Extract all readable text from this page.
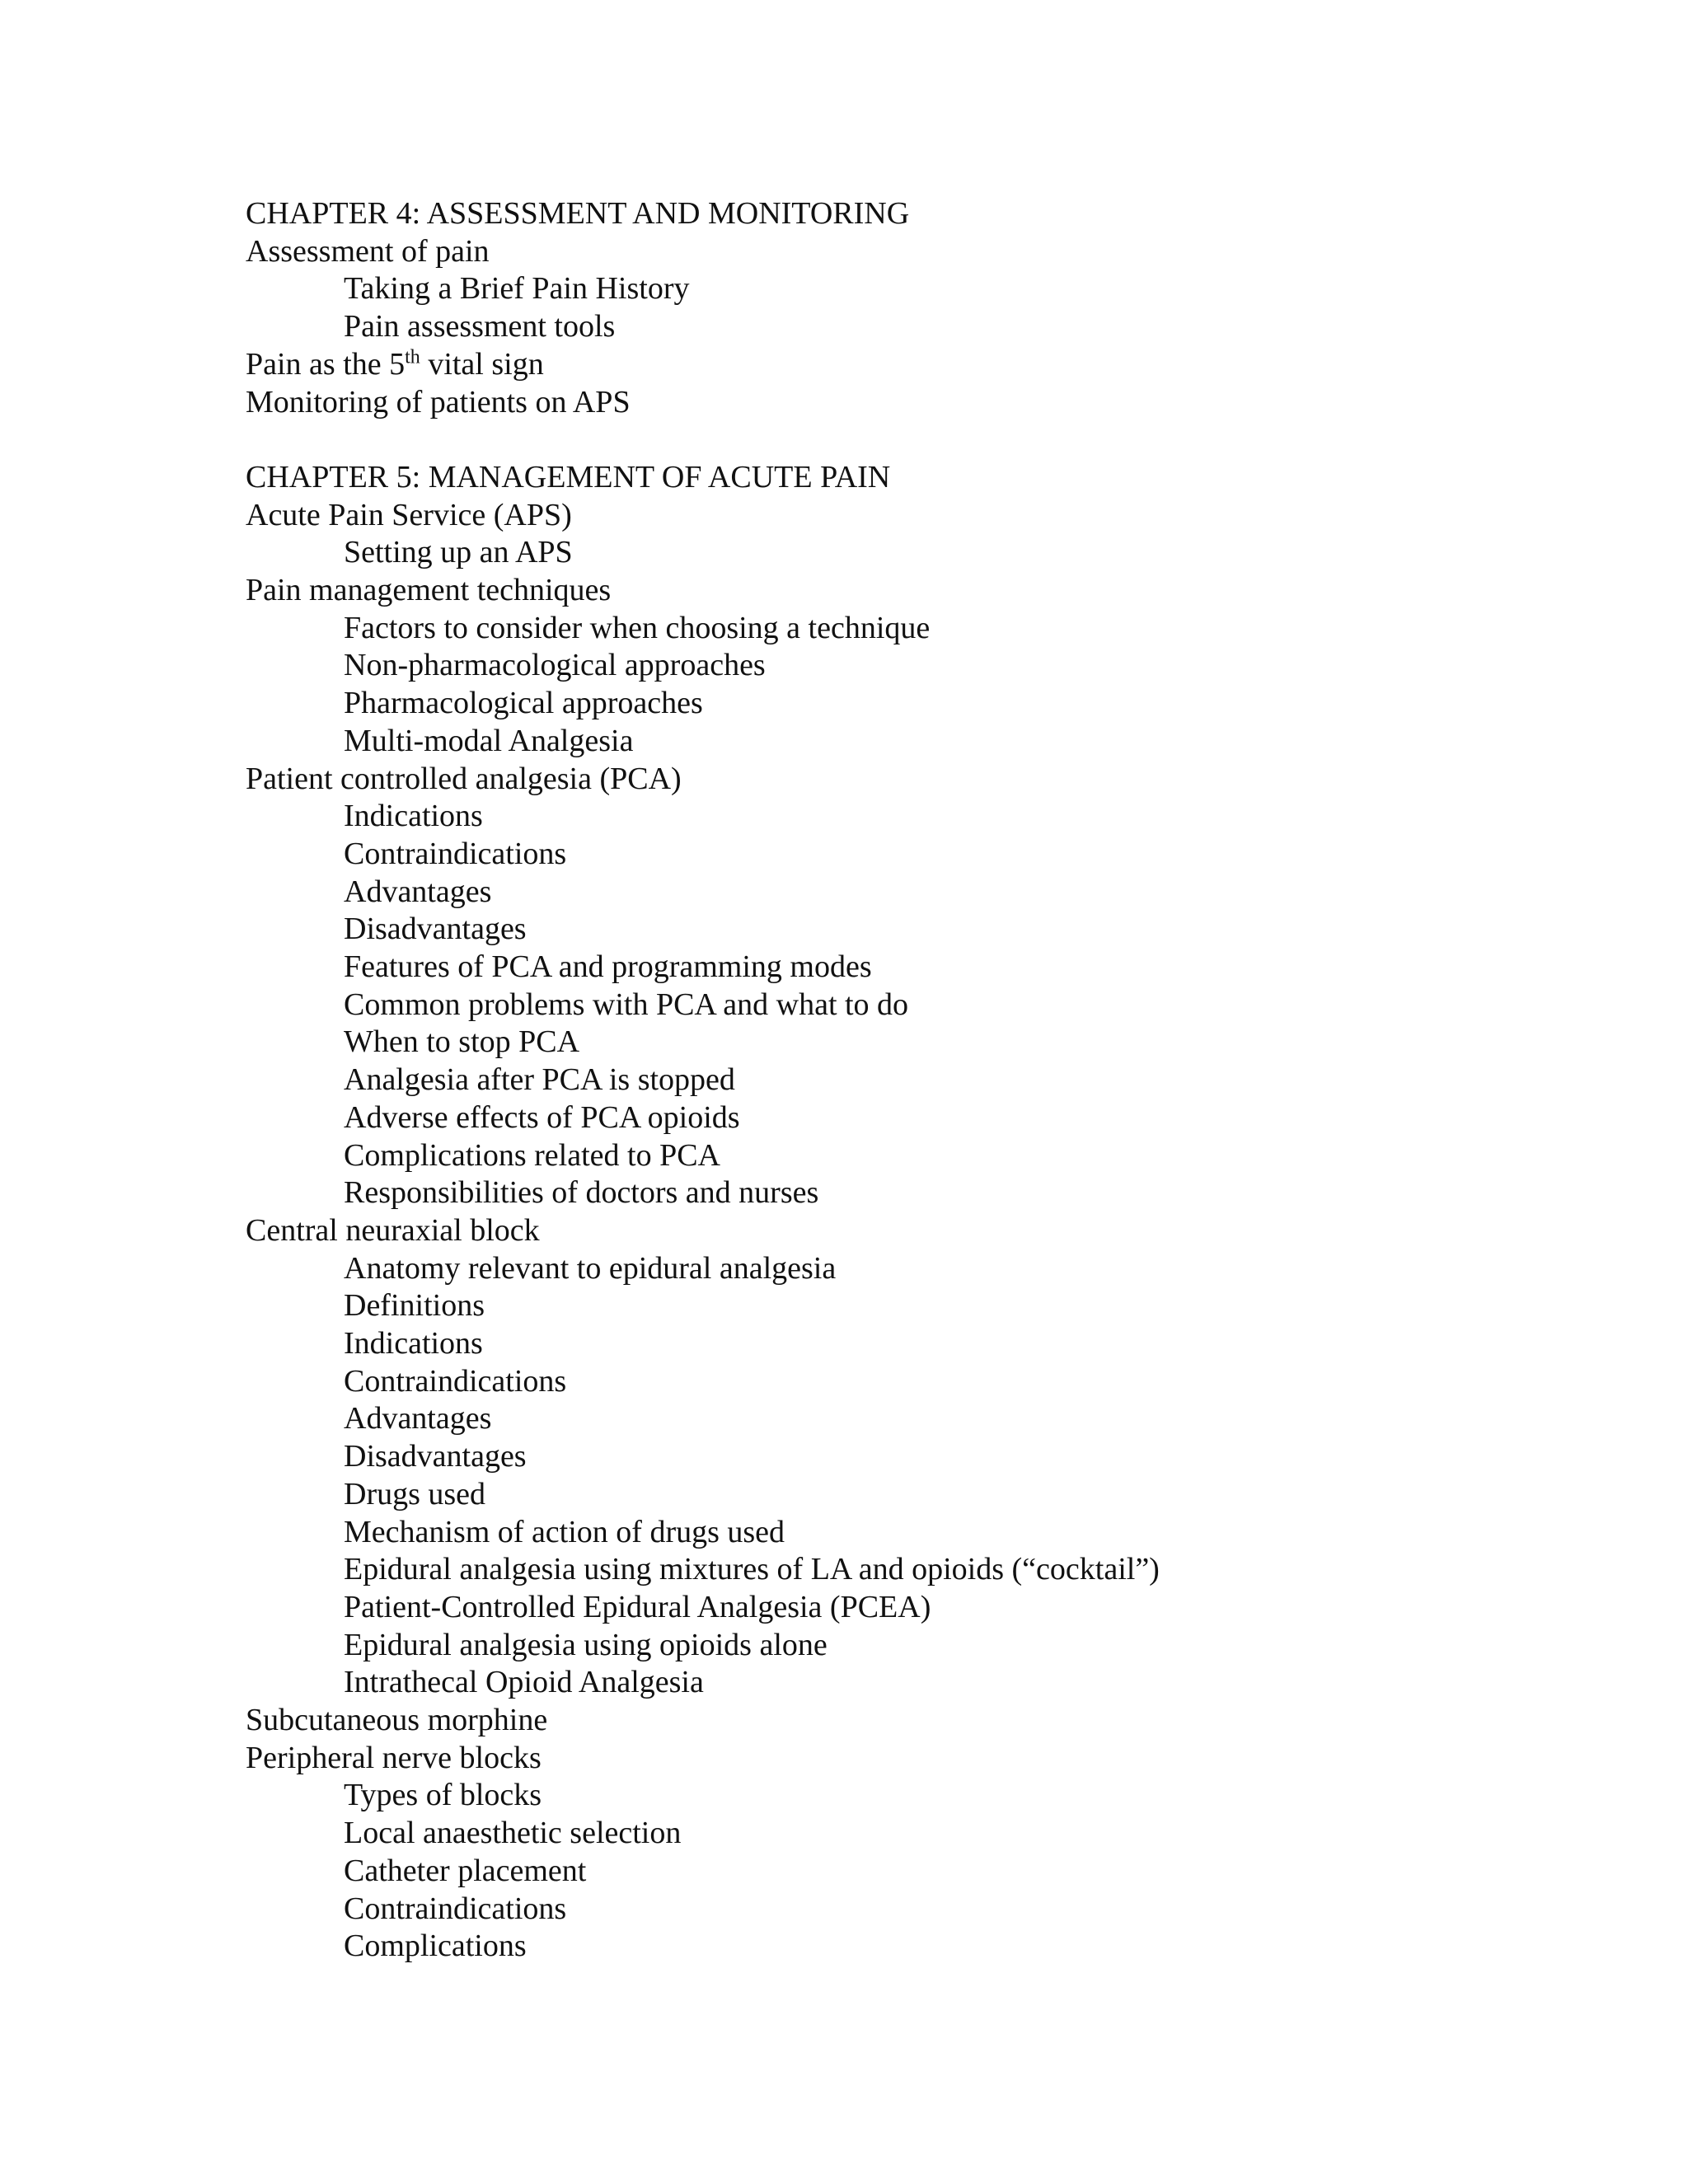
CHAPTER 4: ASSESSMENT AND MONITORING
Assessment of pain
Taking a Brief Pain History
Pain assessment tools
Pain as the 5th vital sign
Monitoring of patients on APS
CHAPTER 5: MANAGEMENT OF ACUTE PAIN
Acute Pain Service (APS)
Setting up an APS
Pain management techniques
Factors to consider when choosing a technique
Non-pharmacological approaches
Pharmacological approaches
Multi-modal Analgesia
Patient controlled analgesia (PCA)
Indications
Contraindications
Advantages
Disadvantages
Features of PCA and programming modes
Common problems with PCA and what to do
When to stop PCA
Analgesia after PCA is stopped
Adverse effects of PCA opioids
Complications related to PCA
Responsibilities of doctors and nurses
Central neuraxial block
Anatomy relevant to epidural analgesia
Definitions
Indications
Contraindications
Advantages
Disadvantages
Drugs used
Mechanism of action of drugs used
Epidural analgesia using mixtures of LA and opioids (“cocktail”)
Patient-Controlled Epidural Analgesia (PCEA)
Epidural analgesia using opioids alone
Intrathecal Opioid Analgesia
Subcutaneous morphine
Peripheral nerve blocks
Types of blocks
Local anaesthetic selection
Catheter placement
Contraindications
Complications
